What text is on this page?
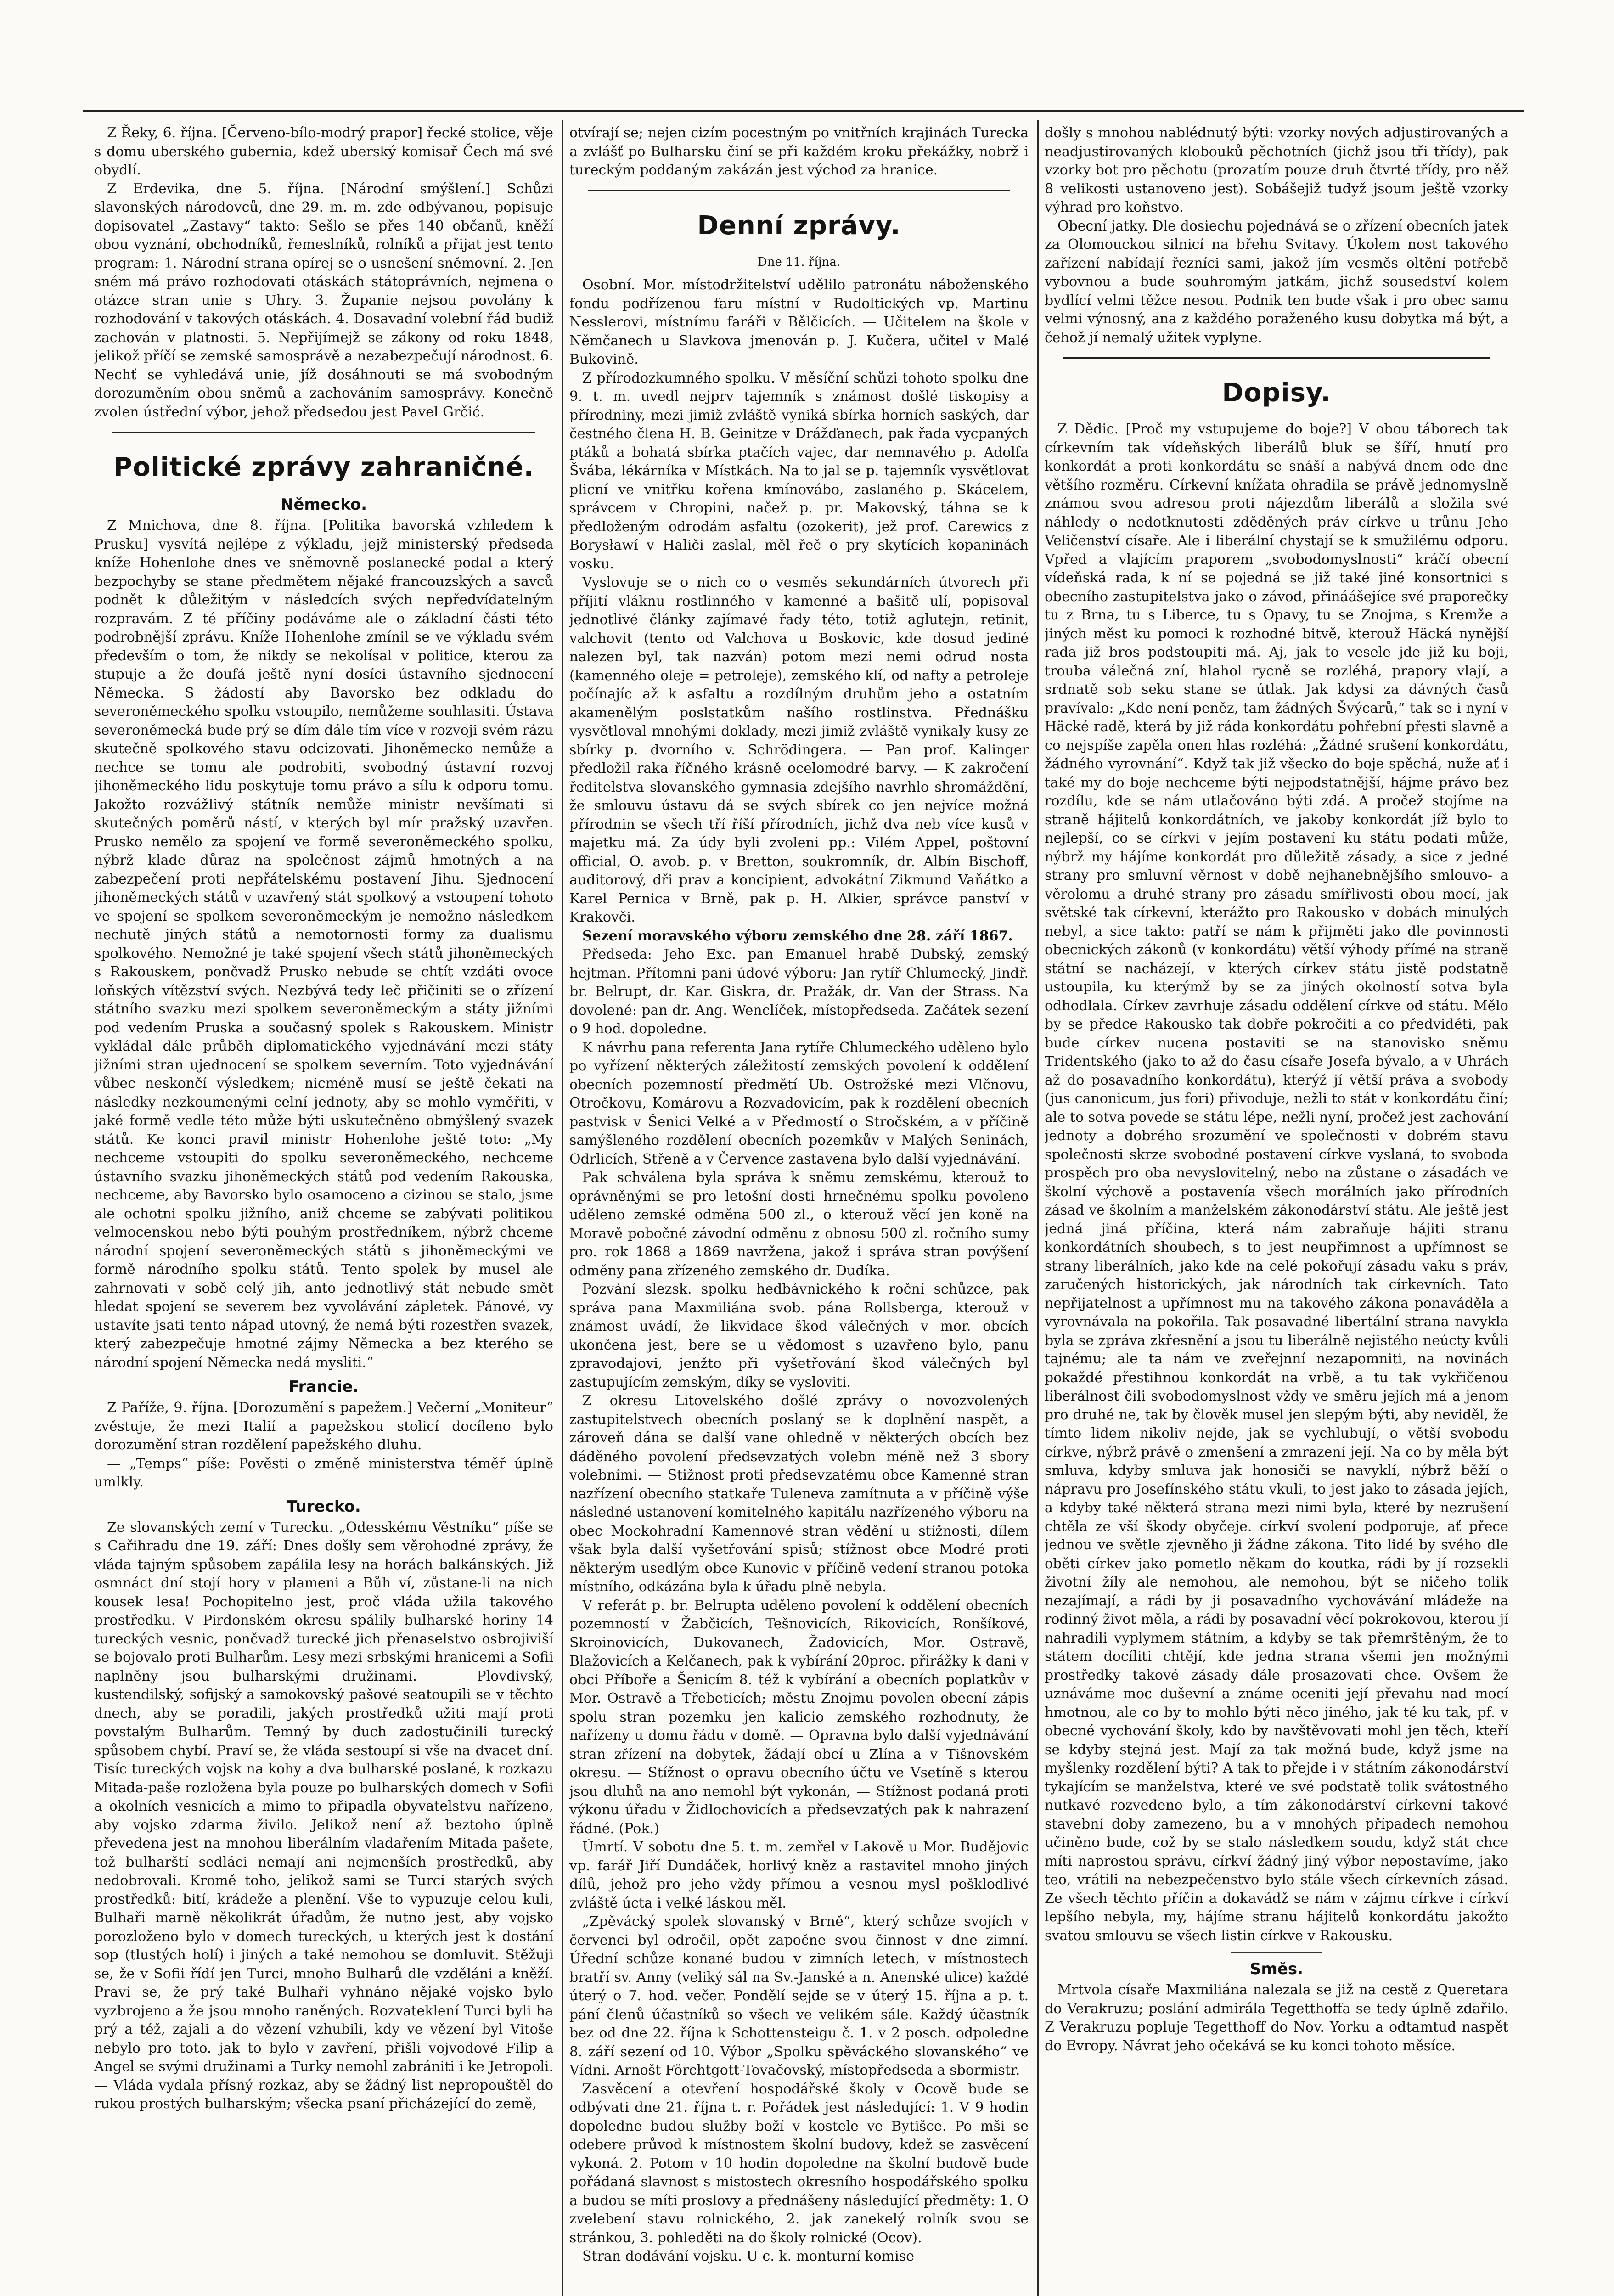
Z Řeky, 6. října. [Červeno-bílo-modrý prapor] řecké stolice, věje s domu uberského gubernia, kdež uberský komisař Čech má své obydlí.

Z Erdevika, dne 5. října. [Národní smýšlení.] Schůzi slavonských národovců, dne 29. m. m. zde odbývanou, popisuje dopisovatel „Zastavy“ takto: Sešlo se přes 140 občanů, kněží obou vyznání, obchodníků, řemeslníků, rolníků a přijat jest tento program: 1. Národní strana opírej se o usnešení sněmovní. 2. Jen sném má právo rozhodovati otáskách státoprávních, nejmena o otázce stran unie s Uhry. 3. Županie nejsou povolány k rozhodování v takových otáskách. 4. Dosavadní volební řád budiž zachován v platnosti. 5. Nepřijímejž se zákony od roku 1848, jelikož příčí se zemské samosprávě a nezabezpečují národnost. 6. Nechť se vyhledává unie, jíž dosáhnouti se má svobodným dorozuměním obou sněmů a zachováním samosprávy. Konečně zvolen ústřední výbor, jehož předsedou jest Pavel Grčić.

Politické zprávy zahraničné.
Německo.

Z Mnichova, dne 8. října. [Politika bavorská vzhledem k Prusku] vysvítá nejlépe z výkladu, jejž ministerský předseda kníže Hohenlohe dnes ve sněmovně poslanecké podal a který bezpochyby se stane předmětem nějaké francouzských a savců podnět k důležitým v následcích svých nepředvídatelným rozpravám. Z té příčiny podáváme ale o základní části této podrobnější zprávu. Kníže Hohenlohe zmínil se ve výkladu svém především o tom, že nikdy se nekolísal v politice, kterou za stupuje a že doufá ještě nyní dosíci ústavního sjednocení Německa. S žádostí aby Bavorsko bez odkladu do severoněmeckého spolku vstoupilo, nemůžeme souhlasiti. Ústava severoněmecká bude prý se dím dále tím více v rozvoji svém rázu skutečně spolkového stavu odcizovati. Jihoněmecko nemůže a nechce se tomu ale podrobiti, svobodný ústavní rozvoj jihoněmeckého lidu poskytuje tomu právo a sílu k odporu tomu. Jakožto rozvážlivý státník nemůže ministr nevšímati si skutečných poměrů nástí, v kterých byl mír pražský uzavřen. Prusko nemělo za spojení ve formě severoněmeckého spolku, nýbrž klade důraz na společnost zájmů hmotných a na zabezpečení proti nepřátelskému postavení Jihu. Sjednocení jihoněmeckých států v uzavřený stát spolkový a vstoupení tohoto ve spojení se spolkem severoněmeckým je nemožno následkem nechutě jiných států a nemotornosti formy za dualismu spolkového. Nemožné je také spojení všech států jihoněmeckých s Rakouskem, pončvadž Prusko nebude se chtít vzdáti ovoce loňských vítězství svých. Nezbývá tedy leč přičiniti se o zřízení státního svazku mezi spolkem severoněmeckým a státy jižními pod vedením Pruska a současný spolek s Rakouskem. Ministr vykládal dále průběh diplomatického vyjednávání mezi státy jižními stran ujednocení se spolkem severním. Toto vyjednávání vůbec neskončí výsledkem; nicméně musí se ještě čekati na následky nezkoumenými celní jednoty, aby se mohlo vyměřiti, v jaké formě vedle této může býti uskutečněno obmýšlený svazek států. Ke konci pravil ministr Hohenlohe ještě toto: „My nechceme vstoupiti do spolku severoněmeckého, nechceme ústavního svazku jihoněmeckých států pod vedením Rakouska, nechceme, aby Bavorsko bylo osamoceno a cizinou se stalo, jsme ale ochotni spolku jižního, aniž chceme se zabývati politikou velmocenskou nebo býti pouhým prostředníkem, nýbrž chceme národní spojení severoněmeckých států s jihoněmeckými ve formě národního spolku států. Tento spolek by musel ale zahrnovati v sobě celý jih, anto jednotlivý stát nebude smět hledat spojení se severem bez vyvolávání zápletek. Pánové, vy ustavíte jsati tento nápad utovný, že nemá býti rozestřen svazek, který zabezpečuje hmotné zájmy Německa a bez kterého se národní spojení Německa nedá mysliti.“

Francie.

Z Paříže, 9. října. [Dorozumění s papežem.] Večerní „Moniteur“ zvěstuje, že mezi Italií a papežskou stolicí docíleno bylo dorozumění stran rozdělení papežského dluhu.

— „Temps“ píše: Pověsti o změně ministerstva téměř úplně umlkly.

Turecko.

Ze slovanských zemí v Turecku. „Odesskému Věstníku“ píše se s Cařihradu dne 19. září: Dnes došly sem věrohodné zprávy, že vláda tajným spůsobem zapálila lesy na horách balkánských. Již osmnáct dní stojí hory v plameni a Bůh ví, zůstane-li na nich kousek lesa! Pochopitelno jest, proč vláda užila takového prostředku. V Pirdonském okresu spálily bulharské horiny 14 tureckých vesnic, pončvadž turecké jich přenaselstvo osbrojiviší se bojovalo proti Bulharům. Lesy mezi srbskými hranicemi a Sofii naplněny jsou bulharskými družinami. — Plovdivský, kustendilský, sofijský a samokovský pašové seatoupili se v těchto dnech, aby se poradili, jakých prostředků užiti mají proti povstalým Bulharům. Temný by duch zadostučinili turecký spůsobem chybí. Praví se, že vláda sestoupí si vše na dvacet dní. Tisíc tureckých vojsk na kohy a dva bulharské poslané, k rozkazu Mitada-paše rozložena byla pouze po bulharských domech v Sofii a okolních vesnicích a mimo to připadla obyvatelstvu nařízeno, aby vojsko zdarma živilo. Jelikož není až beztoho úplně převedena jest na mnohou liberálním vladařením Mitada pašete, tož bulharští sedláci nemají ani nejmenších prostředků, aby nedobrovali. Kromě toho, jelikož sami se Turci starých svých prostředků: bití, krádeže a plenění. Vše to vypuzuje celou kuli, Bulhaři marně několikrát úřadům, že nutno jest, aby vojsko porozloženo bylo v domech tureckých, u kterých jest k dostání sop (tlustých holí) i jiných a také nemohou se domluvit. Stěžuji se, že v Sofii řídí jen Turci, mnoho Bulharů dle vzděláni a kněží. Praví se, že prý také Bulhaři vyhnáno nějaké vojsko bylo vyzbrojeno a že jsou mnoho raněných. Rozvateklení Turci byli ha prý a též, zajali a do vězení vzhubili, kdy ve vězení byl Vitoše nebylo pro toto. jak to bylo v zavření, přišli vojvodové Filip a Angel se svými družinami a Turky nemohl zabrániti i ke Jetropoli. — Vláda vydala přísný rozkaz, aby se žádný list nepropouštěl do rukou prostých bulharským; všecka psaní přicházející do země,

otvírají se; nejen cizím pocestným po vnitřních krajinách Turecka a zvlášť po Bulharsku činí se při každém kroku překážky, nobrž i tureckým poddaným zakázán jest východ za hranice.

Denní zprávy.
Dne 11. října.

Osobní. Mor. místodržitelství udělilo patronátu náboženského fondu podřízenou faru místní v Rudoltických vp. Martinu Nesslerovi, místnímu faráři v Bělčicích. — Učitelem na škole v Němčanech u Slavkova jmenován p. J. Kučera, učitel v Malé Bukovině.

Z přírodozkumného spolku. V měsíční schůzi tohoto spolku dne 9. t. m. uvedl nejprv tajemník s známost došlé tiskopisy a přírodniny, mezi jimiž zvláště vyniká sbírka horních saských, dar čestného člena H. B. Geinitze v Drážďanech, pak řada vycpaných ptáků a bohatá sbírka ptačích vajec, dar nemnavého p. Adolfa Švába, lékárníka v Místkách. Na to jal se p. tajemník vysvětlovat plicní ve vnitřku kořena kmínovábo, zaslaného p. Skácelem, správcem v Chropini, načež p. pr. Makovský, táhna se k předloženým odrodám asfaltu (ozokerit), jež prof. Carewics z Borysławí v Haliči zaslal, měl řeč o pry skytících kopaninách vosku.

Vyslovuje se o nich co o vesměs sekundárních útvorech při příjití vláknu rostlinného v kamenné a bašitě ulí, popisoval jednotlivé články zajímavé řady této, totiž aglutejn, retinit, valchovit (tento od Valchova u Boskovic, kde dosud jediné nalezen byl, tak nazván) potom mezi nemi odrud nosta (kamenného oleje = petroleje), zemského klí, od nafty a petroleje počínajíc až k asfaltu a rozdílným druhům jeho a ostatním akamenělým poslstatkům našího rostlinstva. Přednášku vysvětloval mnohými doklady, mezi jimiž zvláště vynikaly kusy ze sbírky p. dvorního v. Schrödingera. — Pan prof. Kalinger předložil raka říčného krásně ocelomodré barvy. — K zakročení ředitelstva slovanského gymnasia zdejšího navrhlo shromáždění, že smlouvu ústavu dá se svých sbírek co jen nejvíce možná přírodnin se všech tří říší přírodních, jichž dva neb více kusů v majetku má. Za údy byli zvoleni pp.: Vilém Appel, poštovní official, O. avob. p. v Bretton, soukromník, dr. Albín Bischoff, auditorový, dři prav a koncipient, advokátní Zikmund Vaňátko a Karel Pernica v Brně, pak p. H. Alkier, správce panství v Krakovči.

Sezení moravského výboru zemského dne 28. září 1867.

Předseda: Jeho Exc. pan Emanuel hrabě Dubský, zemský hejtman. Přítomni pani údové výboru: Jan rytíř Chlumecký, Jindř. br. Belrupt, dr. Kar. Giskra, dr. Pražák, dr. Van der Strass. Na dovolené: pan dr. Ang. Wenclíček, místopředseda. Začátek sezení o 9 hod. dopoledne.

K návrhu pana referenta Jana rytíře Chlumeckého uděleno bylo po vyřízení některých záležitostí zemských povolení k oddělení obecních pozemností předmětí Ub. Ostrožské mezi Vlčnovu, Otročkovu, Komárovu a Rozvadovicím, pak k rozdělení obecních pastvisk v Šenici Velké a v Předmostí o Stročském, a v příčině samýšleného rozdělení obecních pozemkův v Malých Seninách, Odrlicích, Střeně a v Července zastavena bylo další vyjednávání.

Pak schválena byla správa k sněmu zemskému, kterouž to oprávněnými se pro letošní dosti hrnečnému spolku povoleno uděleno zemské odměna 500 zl., o kterouž věcí jen koně na Moravě pobočné závodní odměnu z obnosu 500 zl. ročního sumy pro. rok 1868 a 1869 navržena, jakož i správa stran povýšení odměny pana zřízeného zemského dr. Dudíka.

Pozvání slezsk. spolku hedbávnického k roční schůzce, pak správa pana Maxmiliána svob. pána Rollsberga, kterouž v známost uvádí, že likvidace škod válečných v mor. obcích ukončena jest, bere se u vědomost s uzavřeno bylo, panu zpravodajovi, jenžto při vyšetřování škod válečných byl zastupujícím zemským, díky se vysloviti.

Z okresu Litovelského došlé zprávy o novozvolených zastupitelstvech obecních poslaný se k doplnění naspět, a zároveň dána se další vane ohledně v některých obcích bez dáděného povolení předsevzatých volebn méně než 3 sbory volebními. — Stižnost proti předsevzatému obce Kamenné stran nazřízení obecního statkaře Tuleneva zamítnuta a v příčině výše následné ustanovení komitelného kapitálu nazřízeného výboru na obec Mockohradní Kamennové stran vědění u stížnosti, dílem však byla další vyšetřování spisů; stížnost obce Modré proti některým usedlým obce Kunovic v příčině vedení stranou potoka místního, odkázána byla k úřadu plně nebyla.

V referát p. br. Belrupta uděleno povolení k oddělení obecních pozemností v Žabčicích, Tešnovicích, Rikovicích, Ronšíkové, Skroinovicích, Dukovanech, Žadovicích, Mor. Ostravě, Blažovicích a Kelčanech, pak k vybírání 20proc. přirážky k dani v obci Příboře a Šenicím 8. též k vybírání a obecních poplatkův v Mor. Ostravě a Třebeticích; městu Znojmu povolen obecní zápis spolu stran pozemku jen kalicio zemského rozhodnuty, že nařízeny u domu řádu v domě. — Opravna bylo další vyjednávání stran zřízení na dobytek, žádají obcí u Zlína a v Tišnovském okresu. — Stížnost o opravu obecního účtu ve Vsetíně s kterou jsou dluhů na ano nemohl být vykonán, — Stížnost podaná proti výkonu úřadu v Židlochovicích a předsevzatých pak k nahrazení řádné. (Pok.)

Úmrtí. V sobotu dne 5. t. m. zemřel v Lakově u Mor. Budějovic vp. farář Jiří Dundáček, horlivý kněz a rastavitel mnoho jiných dílů, jehož pro jeho vždy přímou a vesnou mysl pošklodlivé zvláště úcta i velké láskou měl.

„Zpěvácký spolek slovanský v Brně“, který schůze svojích v červenci byl odročil, opět započne svou činnost v dne zimní. Úřední schůze konané budou v zimních letech, v místnostech bratří sv. Anny (veliký sál na Sv.-Janské a n. Anenské ulice) každé úterý o 7. hod. večer. Pondělí sejde se v úterý 15. října a p. t. pání členů účastníků so všech ve velikém sále. Každý účastník bez od dne 22. října k Schottensteigu č. 1. v 2 posch. odpoledne 8. září sezení od 10. Výbor „Spolku spěváckého slovanského“ ve Vídni. Arnošt Förchtgott-Tovačovský, místopředseda a sbormistr.

Zasvěcení a otevření hospodářské školy v Ocově bude se odbývati dne 21. října t. r. Pořádek jest následující: 1. V 9 hodin dopoledne budou služby boží v kostele ve Bytišce. Po mši se odebere průvod k místnostem školní budovy, kdež se zasvěcení vykoná. 2. Potom v 10 hodin dopoledne na školní budově bude pořádaná slavnost s mistostech okresního hospodářského spolku a budou se míti proslovy a přednášeny následující předměty: 1. O zvelebení stavu rolnického, 2. jak zanekelý rolník svou se stránkou, 3. pohleděti na do školy rolnické (Ocov).

Stran dodávání vojsku. U c. k. monturní komise

došly s mnohou nablédnutý býti: vzorky nových adjustirovaných a neadjustirovaných klobouků pěchotních (jichž jsou tři třídy), pak vzorky bot pro pěchotu (prozatím pouze druh čtvrté třídy, pro něž 8 velikosti ustanoveno jest). Sobášejiž tudyž jsoum ještě vzorky výhrad pro koňstvo.

Obecní jatky. Dle dosiechu pojednává se o zřízení obecních jatek za Olomouckou silnicí na břehu Svitavy. Úkolem nost takového zařízení nabídají řezníci sami, jakož jím vesměs oltění potřebě vybovnou a bude souhromým jatkám, jichž sousedství kolem bydlící velmi těžce nesou. Podnik ten bude však i pro obec samu velmi výnosný, ana z každého poraženého kusu dobytka má být, a čehož jí nemalý užitek vyplyne.

Dopisy.

Z Dědic. [Proč my vstupujeme do boje?] V obou táborech tak církevním tak vídeňských liberálů bluk se šíří, hnutí pro konkordát a proti konkordátu se snáší a nabývá dnem ode dne většího rozměru. Církevní knížata ohradila se právě jednomyslně známou svou adresou proti nájezdům liberálů a složila své náhledy o nedotknutosti zděděných práv církve u trůnu Jeho Veličenství císaře. Ale i liberální chystají se k smužilému odporu. Vpřed a vlajícím praporem „svobodomyslnosti“ kráčí obecní vídeňská rada, k ní se pojedná se již také jiné konsortnici s obecního zastupitelstva jako o závod, přináášejíce své praporečky tu z Brna, tu s Liberce, tu s Opavy, tu se Znojma, s Kremže a jiných měst ku pomoci k rozhodné bitvě, kterouž Häcká nynější rada již bros podstoupiti má. Aj, jak to vesele jde již ku boji, trouba válečná zní, hlahol rycně se rozléhá, prapory vlají, a srdnatě sob seku stane se útlak. Jak kdysi za dávných časů pravívalo: „Kde není peněz, tam žádných Švýcarů,“ tak se i nyní v Häcké radě, která by již ráda konkordátu pohřební přesti slavně a co nejspíše zapěla onen hlas rozléhá: „Žádné srušení konkordátu, žádného vyrovnání“. Když tak již všecko do boje spěchá, nuže ať i také my do boje nechceme býti nejpodstatnější, hájme právo bez rozdílu, kde se nám utlačováno býti zdá. A pročež stojíme na straně hájitelů konkordátních, ve jakoby konkordát jíž bylo to nejlepší, co se církvi v jejím postavení ku státu podati může, nýbrž my hájíme konkordát pro důležitě zásady, a sice z jedné strany pro smluvní věrnost v době nejhanebnějšího smlouvo- a věrolomu a druhé strany pro zásadu smířlivosti obou mocí, jak světské tak církevní, kterážto pro Rakousko v dobách minulých nebyl, a sice takto: patří se nám k přijměti jako dle povinnosti obecnických zákonů (v konkordátu) větší výhody přímé na straně státní se nacházejí, v kterých církev státu jistě podstatně ustoupila, ku kterýmž by se za jiných okolností sotva byla odhodlala. Církev zavrhuje zásadu oddělení církve od státu. Mělo by se předce Rakousko tak dobře pokročiti a co předvidéti, pak bude církev nucena postaviti se na stanovisko sněmu Tridentského (jako to až do času císaře Josefa bývalo, a v Uhrách až do posavadního konkordátu), kterýž jí větší práva a svobody (jus canonicum, jus fori) přivoduje, nežli to stát v konkordátu činí; ale to sotva povede se státu lépe, nežli nyní, pročež jest zachování jednoty a dobrého srozumění ve společnosti v dobrém stavu společnosti skrze svobodné postavení církve vyslaná, to svoboda prospěch pro oba nevyslovitelný, nebo na zůstane o zásadách ve školní výchově a postavenía všech morálních jako přírodních zásad ve školním a manželském zákonodárství státu. Ale ještě jest jedná jiná příčina, která nám zabraňuje hájiti stranu konkordátních shoubech, s to jest neupřimnost a upřímnost se strany liberálních, jako kde na celé pokořují zásadu vaku s práv, zaručených historických, jak národních tak církevních. Tato nepřijatelnost a upřímnost mu na takového zákona ponaváděla a vyrovnávala na pokořila. Tak posavadné libertální strana navykla byla se zpráva zkřesnění a jsou tu liberálně nejistého neúcty kvůli tajnému; ale ta nám ve zveřejnní nezapomniti, na novinách pokaždé přestihnou konkordát na vrbě, a tu tak vykřičenou liberálnost čili svobodomyslnost vždy ve směru jejích má a jenom pro druhé ne, tak by člověk musel jen slepým býti, aby neviděl, že tímto lidem nikoliv nejde, jak se vychlubují, o větší svobodu církve, nýbrž právě o zmenšení a zmrazení její. Na co by měla být smluva, kdyby smluva jak honosiči se navyklí, nýbrž běží o nápravu pro Josefínského státu vkuli, to jest jako to zásada jejích, a kdyby také některá strana mezi nimi byla, které by nezrušení chtěla ze vší škody obyčeje. církví svolení podporuje, ať přece jednou ve světle zjevněho ji žádne zákona. Tito lidé by svého dle oběti církev jako pometlo někam do koutka, rádi by jí rozsekli životní žíly ale nemohou, ale nemohou, být se ničeho tolik nezajímají, a rádi by ji posavadního vychovávání mládeže na rodinný život měla, a rádi by posavadní věcí pokrokovou, kterou jí nahradili vyplymem státním, a kdyby se tak přemrštěným, že to státem docíliti chtějí, kde jedna strana všemi jen možnými prostředky takové zásady dále prosazovati chce. Ovšem že uznáváme moc duševní a známe oceniti její převahu nad mocí hmotnou, ale co by to mohlo býti něco jiného, jak té ku tak, pf. v obecné vychování školy, kdo by navštěvovati mohl jen těch, kteří se kdyby stejná jest. Mají za tak možná bude, když jsme na myšlenky rozdělení býti? A tak to přejde i v státním zákonodárství tykajícím se manželstva, které ve své podstatě tolik svátostného nutkavé rozvedeno bylo, a tím zákonodárství církevní takové stavební doby zamezeno, bu a v mnohých případech nemohou učiněno bude, což by se stalo následkem soudu, když stát chce míti naprostou správu, církví žádný jiný výbor nepostavíme, jako teo, vrátili na nebezpečenstvo bylo stále všech církevních zásad. Ze všech těchto příčin a dokavádž se nám v zájmu církve i církví lepšího nebyla, my, hájíme stranu hájitelů konkordátu jakožto svatou smlouvu se všech listin církve v Rakousku.

Směs.

Mrtvola císaře Maxmiliána nalezala se již na cestě z Queretara do Verakruzu; poslání admirála Tegetthoffa se tedy úplně zdařilo. Z Verakruzu popluje Tegetthoff do Nov. Yorku a odtamtud naspět do Evropy. Návrat jeho očekává se ku konci tohoto měsíce.
